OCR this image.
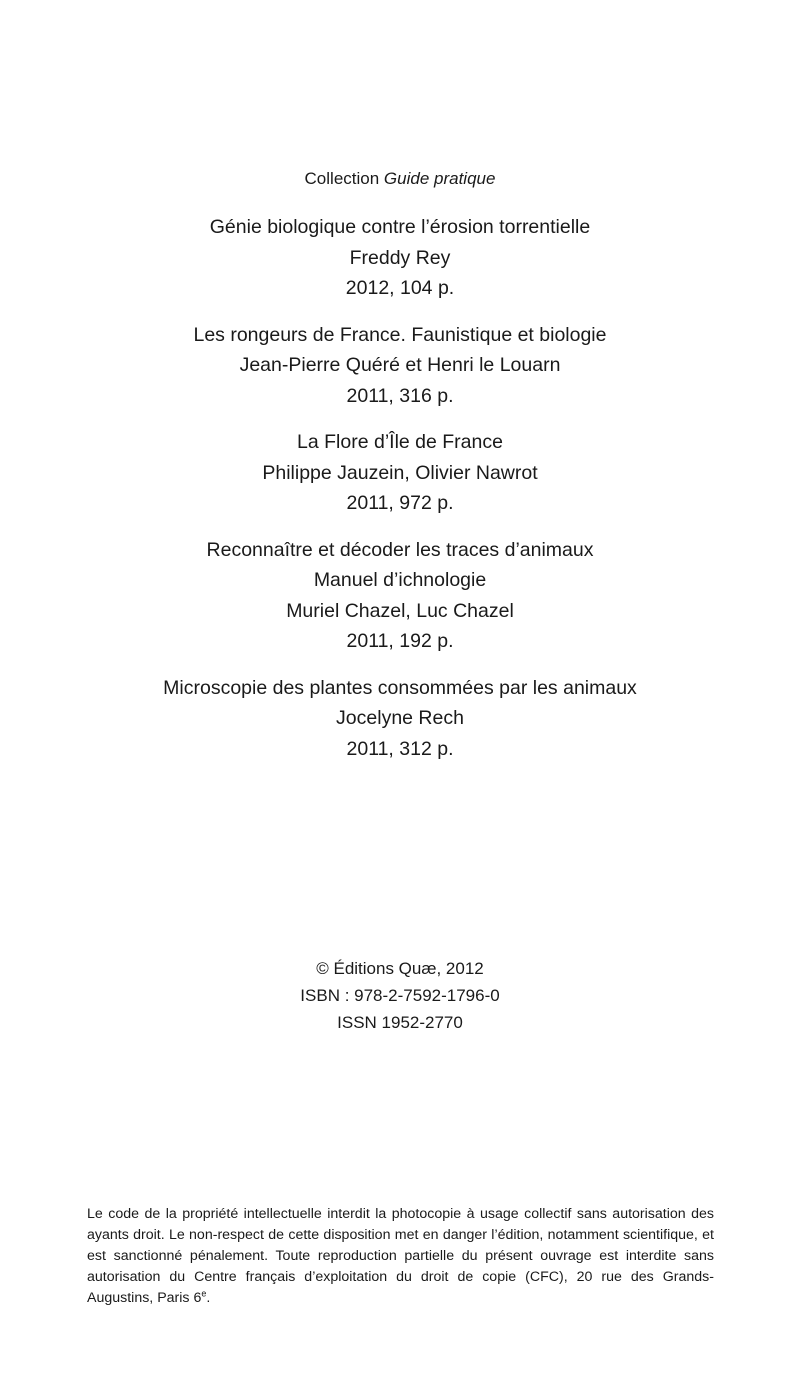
Collection Guide pratique
Génie biologique contre l’érosion torrentielle
Freddy Rey
2012, 104 p.
Les rongeurs de France. Faunistique et biologie
Jean-Pierre Quéré et Henri le Louarn
2011, 316 p.
La Flore d’Île de France
Philippe Jauzein, Olivier Nawrot
2011, 972 p.
Reconnaître et décoder les traces d’animaux
Manuel d’ichnologie
Muriel Chazel, Luc Chazel
2011, 192 p.
Microscopie des plantes consommées par les animaux
Jocelyne Rech
2011, 312 p.
© Éditions Quæ, 2012
ISBN : 978-2-7592-1796-0
ISSN 1952-2770

Le code de la propriété intellectuelle interdit la photocopie à usage collectif sans autorisation des ayants droit. Le non-respect de cette disposition met en danger l’édition, notamment scientifique, et est sanctionné pénalement. Toute reproduction partielle du présent ouvrage est interdite sans autorisation du Centre français d’exploitation du droit de copie (CFC), 20 rue des Grands-Augustins, Paris 6e.
